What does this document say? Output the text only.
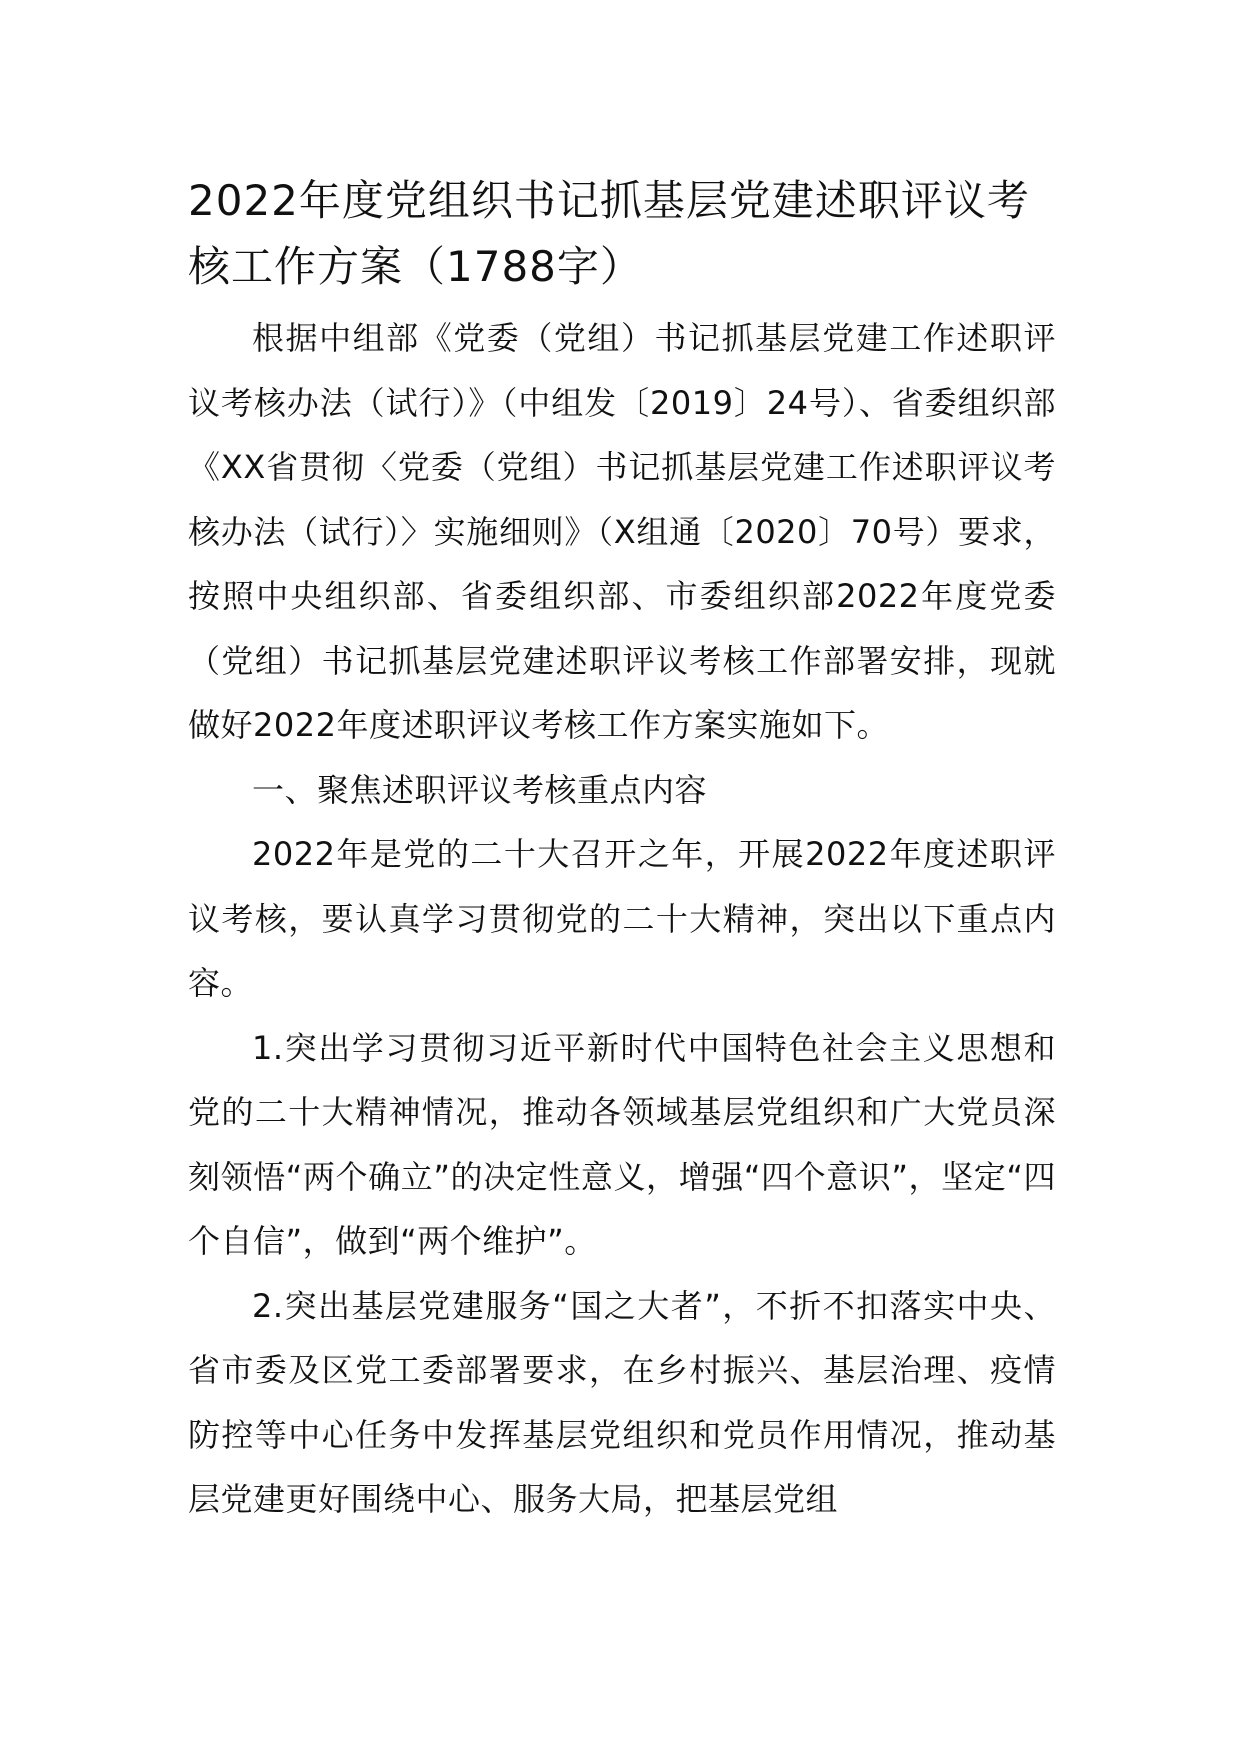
2022年度党组织书记抓基层党建述职评议考核工作方案（1788字）

根据中组部《党委（党组）书记抓基层党建工作述职评议考核办法（试行）》（中组发〔2019〕24号）、省委组织部《XX省贯彻〈党委（党组）书记抓基层党建工作述职评议考核办法（试行）〉实施细则》（X组通〔2020〕70号）要求，按照中央组织部、省委组织部、市委组织部2022年度党委（党组）书记抓基层党建述职评议考核工作部署安排，现就做好2022年度述职评议考核工作方案实施如下。

一、聚焦述职评议考核重点内容

2022年是党的二十大召开之年，开展2022年度述职评议考核，要认真学习贯彻党的二十大精神，突出以下重点内容。

1.突出学习贯彻习近平新时代中国特色社会主义思想和党的二十大精神情况，推动各领域基层党组织和广大党员深刻领悟“两个确立”的决定性意义，增强“四个意识”，坚定“四个自信”，做到“两个维护”。

2.突出基层党建服务“国之大者”，不折不扣落实中央、省市委及区党工委部署要求，在乡村振兴、基层治理、疫情防控等中心任务中发挥基层党组织和党员作用情况，推动基层党建更好围绕中心、服务大局，把基层党组
